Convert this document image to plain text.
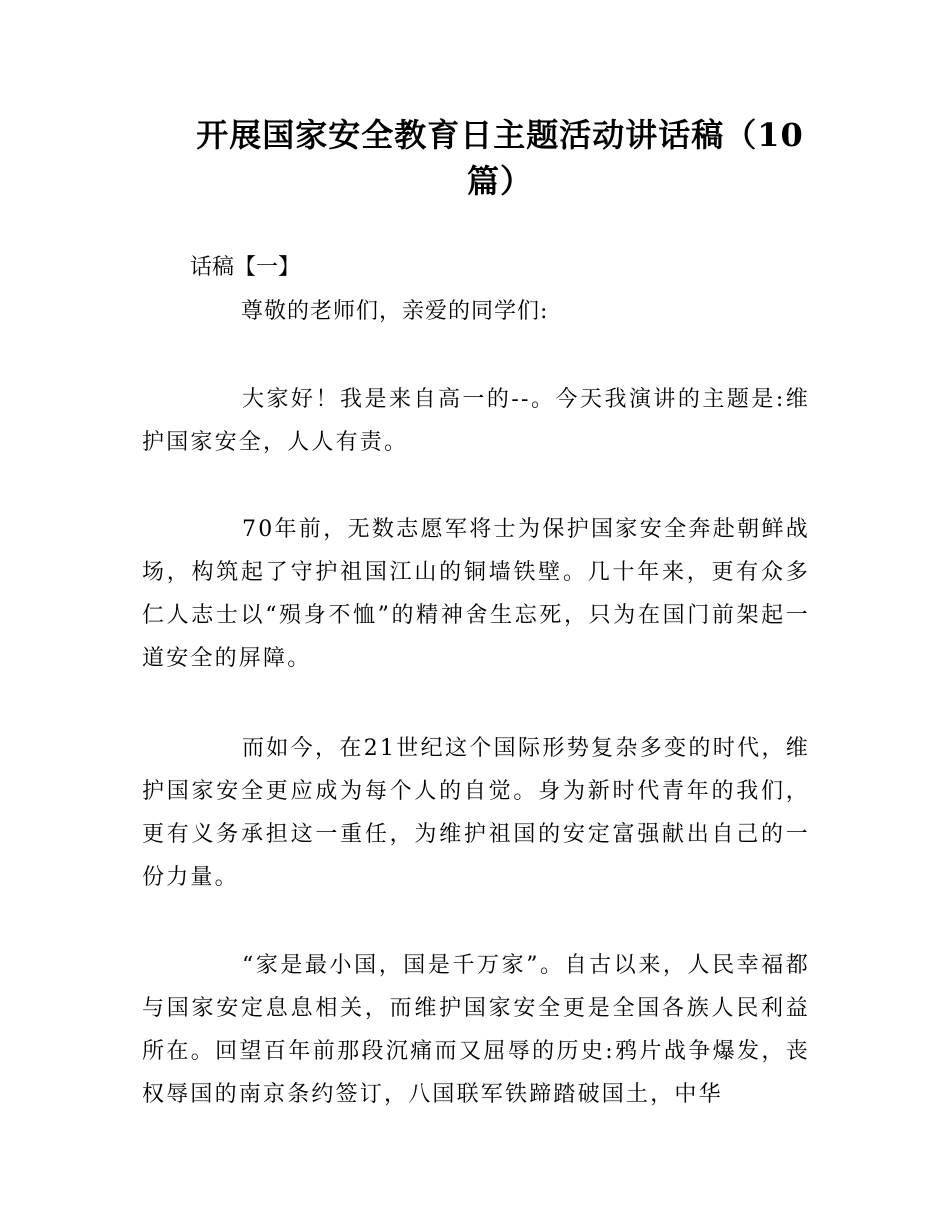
开展国家安全教育日主题活动讲话稿（10篇）

话稿【一】

尊敬的老师们，亲爱的同学们:

大家好！我是来自高一的--。今天我演讲的主题是:维护国家安全，人人有责。

70年前，无数志愿军将士为保护国家安全奔赴朝鲜战场，构筑起了守护祖国江山的铜墙铁壁。几十年来，更有众多仁人志士以“殒身不恤”的精神舍生忘死，只为在国门前架起一道安全的屏障。

而如今，在21世纪这个国际形势复杂多变的时代，维护国家安全更应成为每个人的自觉。身为新时代青年的我们，更有义务承担这一重任，为维护祖国的安定富强献出自己的一份力量。

“家是最小国，国是千万家”。自古以来，人民幸福都与国家安定息息相关，而维护国家安全更是全国各族人民利益所在。回望百年前那段沉痛而又屈辱的历史:鸦片战争爆发，丧权辱国的南京条约签订，八国联军铁蹄踏破国土，中华
